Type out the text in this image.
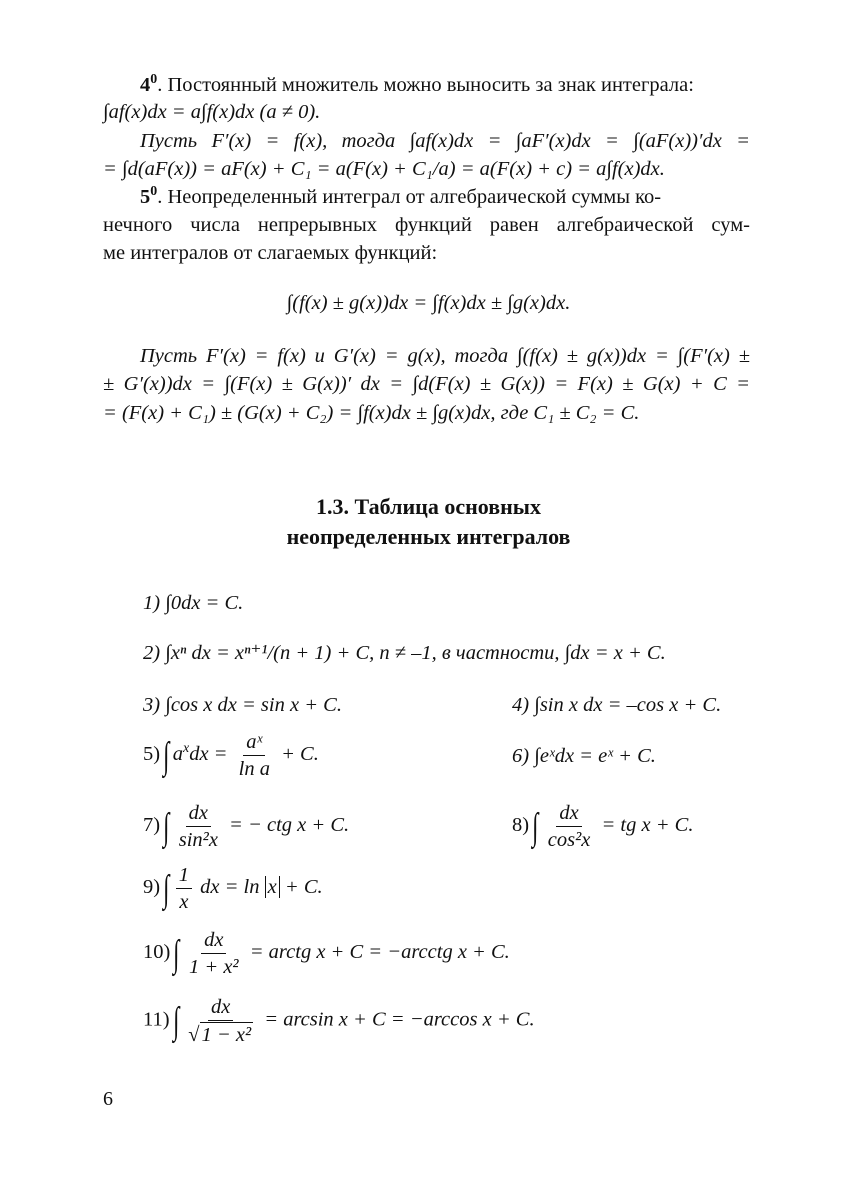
$4^0$. Постоянный множитель можно выносить за знак интеграла:
∫af(x)dx = a∫f(x)dx (a ≠ 0).
Пусть F′(x) = f(x), тогда ∫af(x)dx = ∫aF′(x)dx = ∫(aF(x))′dx =
= ∫d(aF(x)) = aF(x) + C₁ = a(F(x) + C₁/a) = a(F(x) + c) = a∫f(x)dx.
$5^0$. Неопределенный интеграл от алгебраической суммы ко-
нечного числа непрерывных функций равен алгебраической сум-
ме интегралов от слагаемых функций:
∫(f(x) ± g(x))dx = ∫f(x)dx ± ∫g(x)dx.
Пусть F′(x) = f(x) и G′(x) = g(x), тогда ∫(f(x) ± g(x))dx = ∫(F′(x) ±
± G′(x))dx = ∫(F(x) ± G(x))′ dx = ∫d(F(x) ± G(x)) = F(x) ± G(x) + C =
= (F(x) + C₁) ± (G(x) + C₂) = ∫f(x)dx ± ∫g(x)dx, где C₁ ± C₂ = C.
1.3. Таблица основных
неопределенных интегралов
1) ∫0dx = C.
2) ∫xⁿ dx = xⁿ⁺¹/(n + 1) + C, n ≠ –1, в частности, ∫dx = x + C.
3) ∫cos x dx = sin x + C.	4) ∫sin x dx = –cos x + C.
5) ∫ $a^xdx = \frac{\text{aˣ}}{\text{ln a}} + C$.	6) ∫eˣdx = eˣ + C.
7) ∫ $\frac{dx}{\text{sin²x}}$ = − ctg x + C.	8) ∫ $\frac{dx}{\text{cos²x}}$ = tg x + C.
9) ∫ $\frac{1}{x}$ dx = ln x + C.
10) ∫ $\frac{dx}{\text{1 + x²}}$ = arctg x + C = −arcctg x + C.
11) ∫ $\frac{dx}{\text{√1 − x²}} = \arcsin x + C = -\arccos$ x + C.
6
